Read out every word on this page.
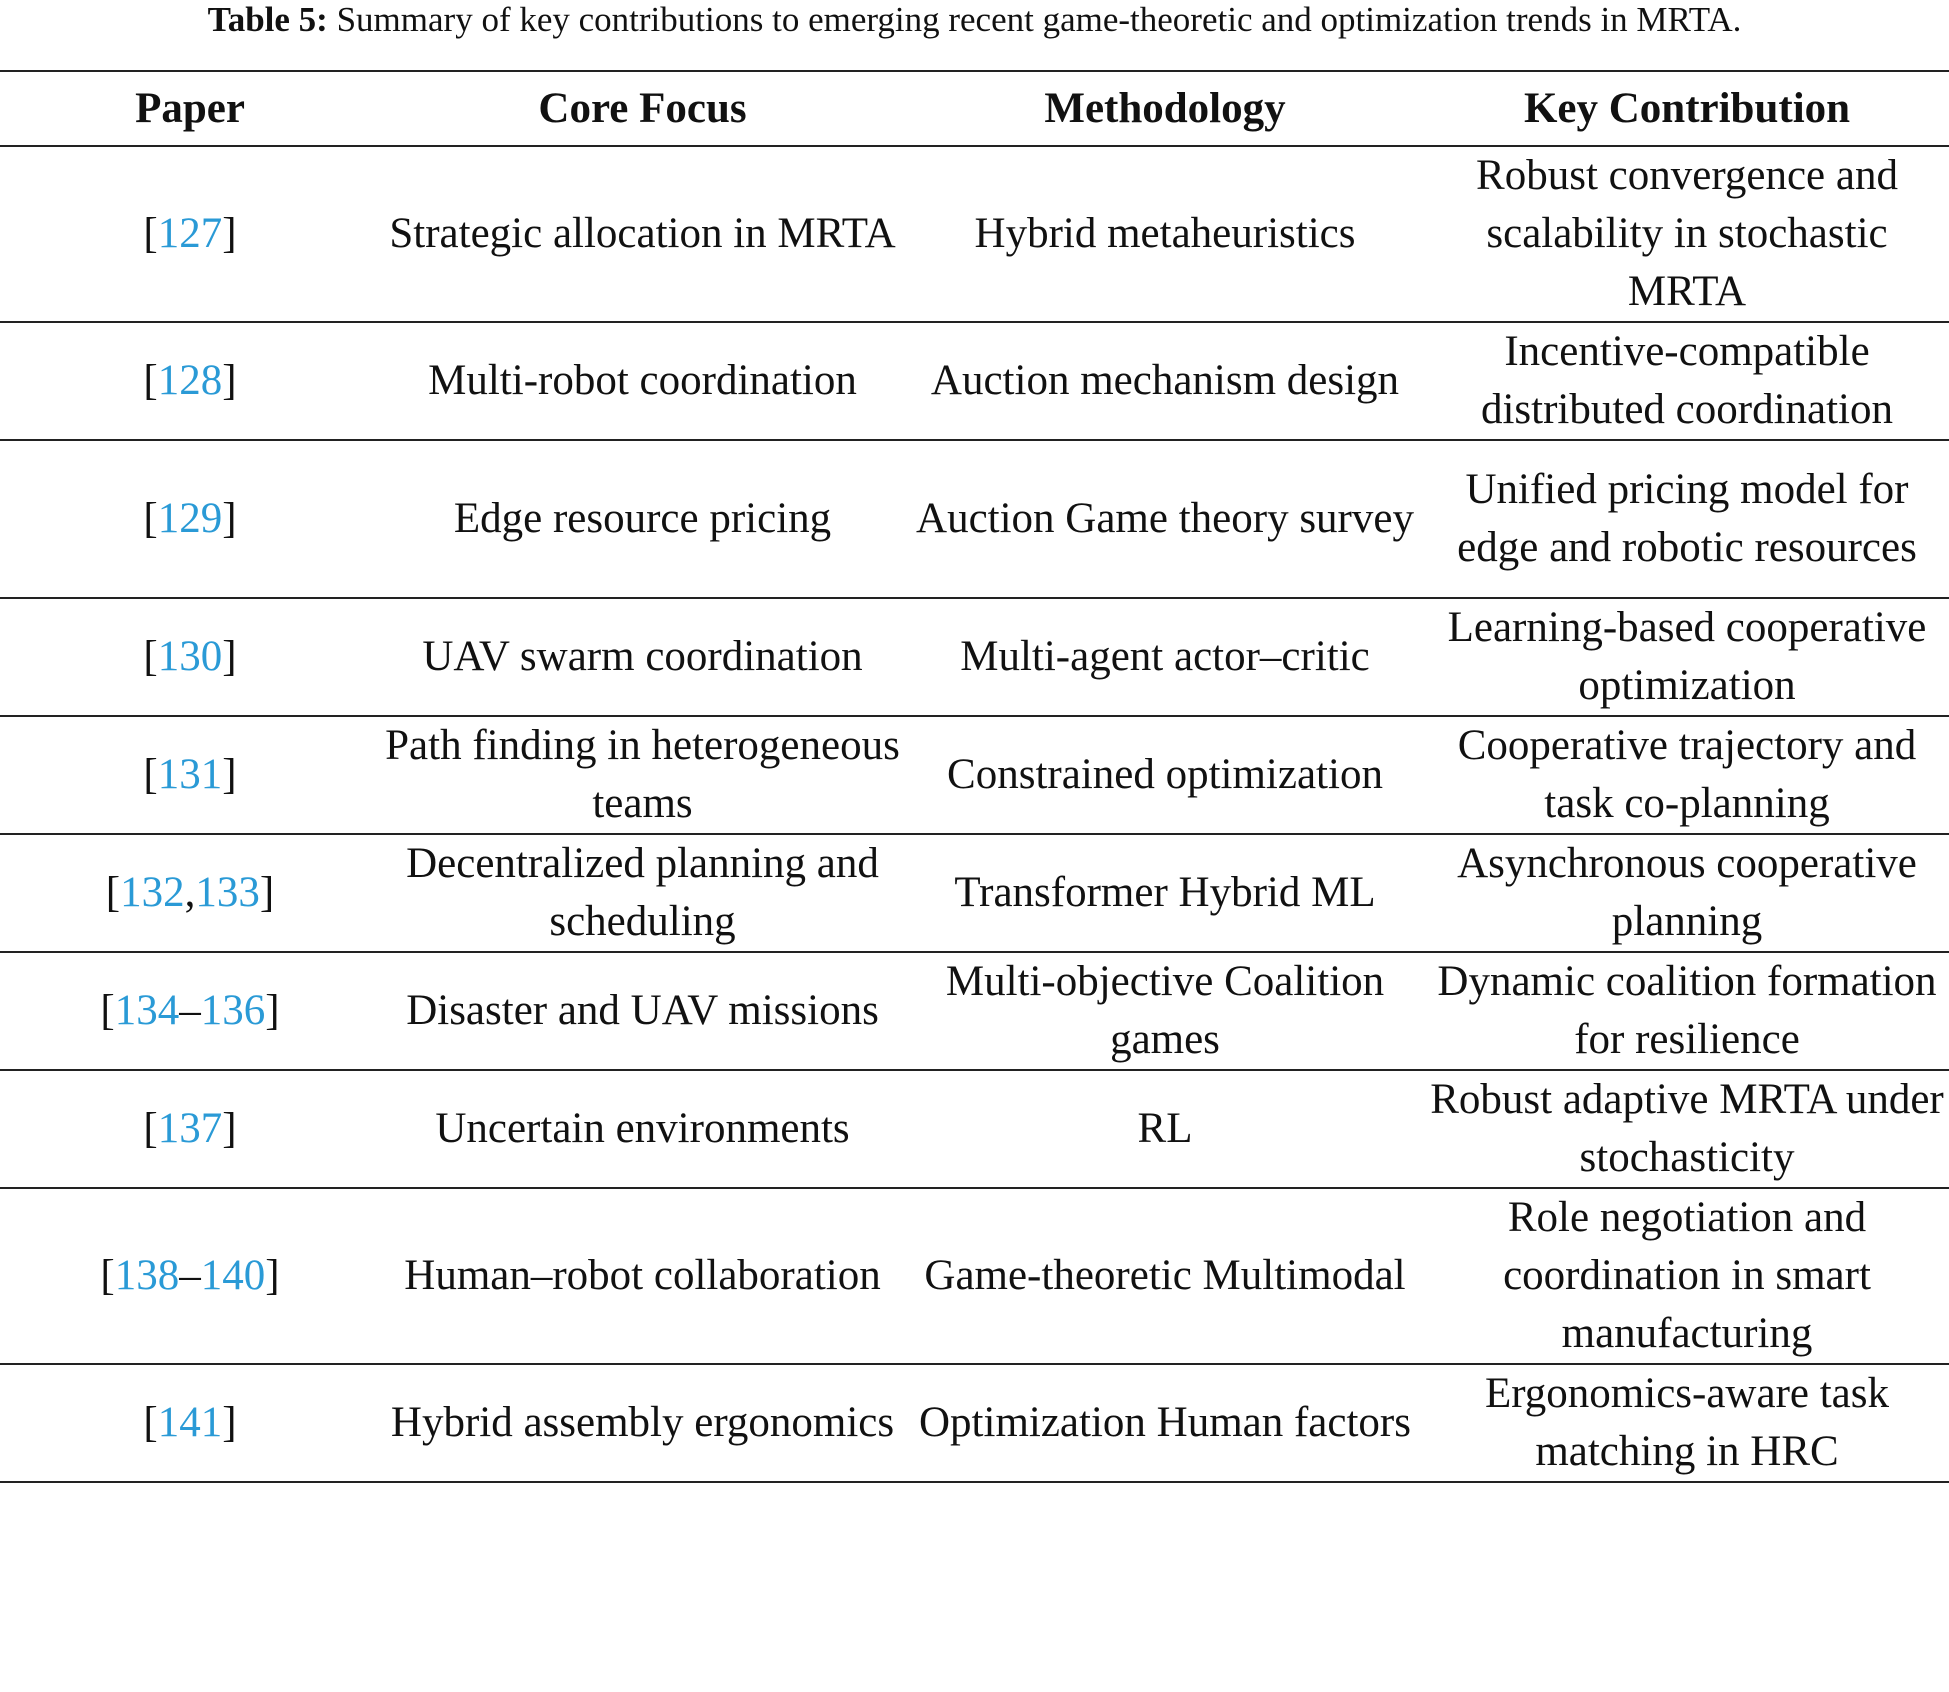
Table 5: Summary of key contributions to emerging recent game-theoretic and optimization trends in MRTA.
Paper	Core Focus	Methodology	Key Contribution
[127]	Strategic allocation in MRTA	Hybrid metaheuristics	Robust convergence and scalability in stochastic MRTA
[128]	Multi-robot coordination	Auction mechanism design	Incentive-compatible distributed coordination
[129]	Edge resource pricing	Auction Game theory survey	Unified pricing model for edge and robotic resources
[130]	UAV swarm coordination	Multi-agent actor–critic	Learning-based cooperative optimization
[131]	Path finding in heterogeneous teams	Constrained optimization	Cooperative trajectory and task co-planning
[132,133]	Decentralized planning and scheduling	Transformer Hybrid ML	Asynchronous cooperative planning
[134–136]	Disaster and UAV missions	Multi-objective Coalition games	Dynamic coalition formation for resilience
[137]	Uncertain environments	RL	Robust adaptive MRTA under stochasticity
[138–140]	Human–robot collaboration	Game-theoretic Multimodal	Role negotiation and coordination in smart manufacturing
[141]	Hybrid assembly ergonomics	Optimization Human factors	Ergonomics-aware task matching in HRC
